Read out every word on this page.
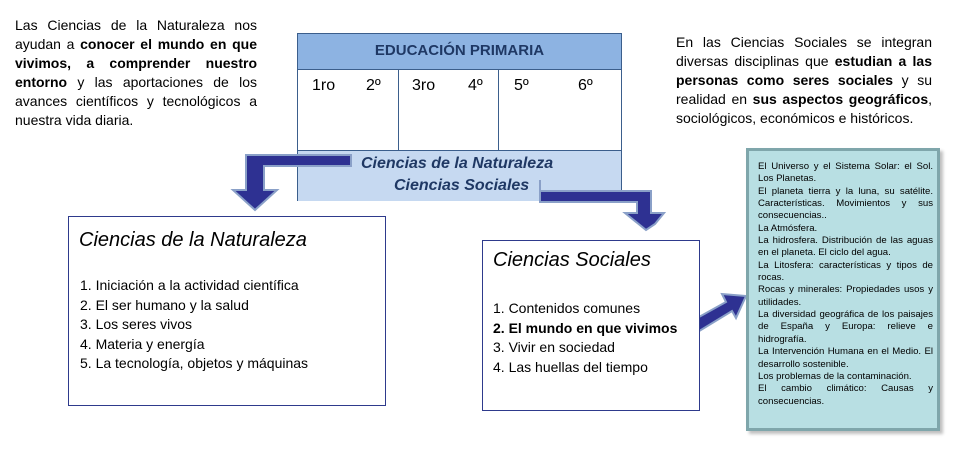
Las Ciencias de la Naturaleza nos ayudan a conocer el mundo en que vivimos, a comprender nuestro entorno y las aportaciones de los avances científicos y tecnológicos a nuestra vida diaria.
En las Ciencias Sociales se integran diversas disciplinas que estudian a las personas como seres sociales y su realidad en sus aspectos geográficos, sociológicos, económicos e históricos.
EDUCACIÓN PRIMARIA
1ro 2º 3ro 4º 5º	6º
Ciencias de la Naturaleza
Ciencias Sociales
Ciencias de la Naturaleza
1. Iniciación a la actividad científica
2. El ser humano y la salud
3. Los seres vivos
4. Materia y energía
5. La tecnología, objetos y máquinas
Ciencias Sociales
1. Contenidos comunes
2. El mundo en que vivimos
3. Vivir en sociedad
4. Las huellas del tiempo
El Universo y el Sistema Solar: el Sol. Los Planetas.
El planeta tierra y la luna, su satélite. Características. Movimientos y sus consecuencias..
La Atmósfera.
La hidrosfera. Distribución de las aguas en el planeta. El ciclo del agua.
La Litosfera: características y tipos de rocas.
Rocas y minerales: Propiedades usos y utilidades.
La diversidad geográfica de los paisajes de España y Europa: relieve e hidrografía.
La Intervención Humana en el Medio. El desarrollo sostenible.
Los problemas de la contaminación.
El cambio climático: Causas y consecuencias.
